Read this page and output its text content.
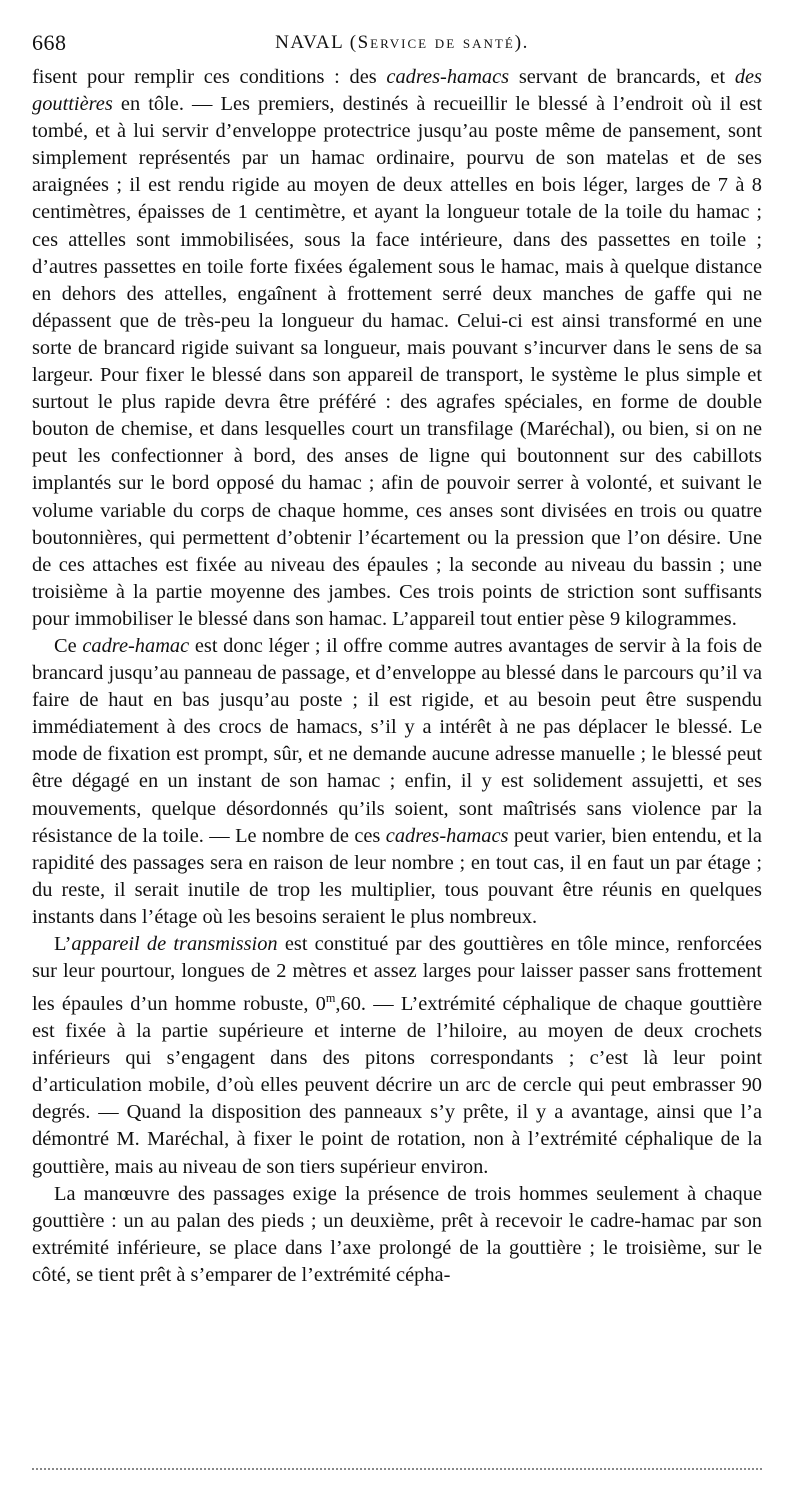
668	NAVAL (Service de santé).

fisent pour remplir ces conditions : des cadres-hamacs servant de brancards, et des gouttières en tôle. — Les premiers, destinés à recueillir le blessé à l’endroit où il est tombé, et à lui servir d’enveloppe protectrice jusqu’au poste même de pansement, sont simplement représentés par un hamac ordinaire, pourvu de son matelas et de ses araignées ; il est rendu rigide au moyen de deux attelles en bois léger, larges de 7 à 8 centimètres, épaisses de 1 centimètre, et ayant la longueur totale de la toile du hamac ; ces attelles sont immobilisées, sous la face intérieure, dans des passettes en toile ; d’autres passettes en toile forte fixées également sous le hamac, mais à quelque distance en dehors des attelles, engaînent à frottement serré deux manches de gaffe qui ne dépassent que de très-peu la longueur du hamac. Celui-ci est ainsi transformé en une sorte de brancard rigide suivant sa longueur, mais pouvant s’incurver dans le sens de sa largeur. Pour fixer le blessé dans son appareil de transport, le système le plus simple et surtout le plus rapide devra être préféré : des agrafes spéciales, en forme de double bouton de chemise, et dans lesquelles court un transfilage (Maréchal), ou bien, si on ne peut les confectionner à bord, des anses de ligne qui boutonnent sur des cabillots implantés sur le bord opposé du hamac ; afin de pouvoir serrer à volonté, et suivant le volume variable du corps de chaque homme, ces anses sont divisées en trois ou quatre boutonnières, qui permettent d’obtenir l’écartement ou la pression que l’on désire. Une de ces attaches est fixée au niveau des épaules ; la seconde au niveau du bassin ; une troisième à la partie moyenne des jambes. Ces trois points de striction sont suffisants pour immobiliser le blessé dans son hamac. L’appareil tout entier pèse 9 kilogrammes.

Ce cadre-hamac est donc léger ; il offre comme autres avantages de servir à la fois de brancard jusqu’au panneau de passage, et d’enveloppe au blessé dans le parcours qu’il va faire de haut en bas jusqu’au poste ; il est rigide, et au besoin peut être suspendu immédiatement à des crocs de hamacs, s’il y a intérêt à ne pas déplacer le blessé. Le mode de fixation est prompt, sûr, et ne demande aucune adresse manuelle ; le blessé peut être dégagé en un instant de son hamac ; enfin, il y est solidement assujetti, et ses mouvements, quelque désordonnés qu’ils soient, sont maîtrisés sans violence par la résistance de la toile. — Le nombre de ces cadres-hamacs peut varier, bien entendu, et la rapidité des passages sera en raison de leur nombre ; en tout cas, il en faut un par étage ; du reste, il serait inutile de trop les multiplier, tous pouvant être réunis en quelques instants dans l’étage où les besoins seraient le plus nombreux.

L’appareil de transmission est constitué par des gouttières en tôle mince, renforcées sur leur pourtour, longues de 2 mètres et assez larges pour laisser passer sans frottement les épaules d’un homme robuste, 0$^m$,60. — L’extrémité céphalique de chaque gouttière est fixée à la partie supérieure et interne de l’hiloire, au moyen de deux crochets inférieurs qui s’engagent dans des pitons correspondants ; c’est là leur point d’articulation mobile, d’où elles peuvent décrire un arc de cercle qui peut embrasser 90 degrés. — Quand la disposition des panneaux s’y prête, il y a avantage, ainsi que l’a démontré M. Maréchal, à fixer le point de rotation, non à l’extrémité céphalique de la gouttière, mais au niveau de son tiers supérieur environ.

La manœuvre des passages exige la présence de trois hommes seulement à chaque gouttière : un au palan des pieds ; un deuxième, prêt à recevoir le cadre-hamac par son extrémité inférieure, se place dans l’axe prolongé de la gouttière ; le troisième, sur le côté, se tient prêt à s’emparer de l’extrémité cépha-
